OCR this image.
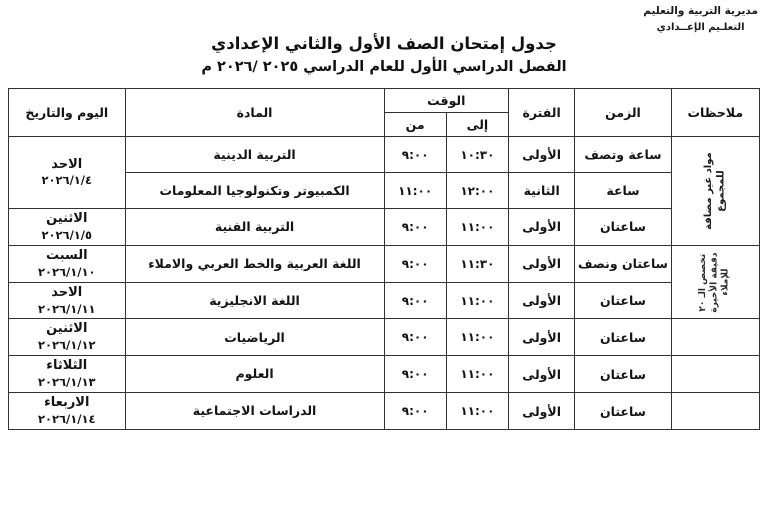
مديرية التربية والتعليم
التعلـيم الإعــدادي
جدول إمتحان الصف الأول والثاني الإعدادي
الفصل الدراسي الأول للعام الدراسي ٢٠٢٥ /٢٠٢٦ م
ملاحظات	الزمن	الفترة	الوقت		المادة	اليوم والتاريخ
			إلى	من		

مواد غير مضافة للمجموع	ساعة وتصف	الأولى	١٠:٣٠	٩:٠٠	التربية الدينية	الاحد
٢٠٢٦/١/٤

	ساعة	الثانية	١٢:٠٠	١١:٠٠	الكمبيوتر وتكنولوجيا المعلومات	
	ساعتان	الأولى	١١:٠٠	٩:٠٠	التربية الفنية	الاثنين
٢٠٢٦/١/٥

تخصص الـ ٢٠ دقيقة الأخيرة للإملاء	ساعتان ونصف	الأولى	١١:٣٠	٩:٠٠	اللغة العربية والخط العربي والاملاء	السبت
٢٠٢٦/١/١٠

	ساعتان	الأولى	١١:٠٠	٩:٠٠	اللغة الانجليزية	الاحد
٢٠٢٦/١/١١

	ساعتان	الأولى	١١:٠٠	٩:٠٠	الرياضيات	الاثنين
٢٠٢٦/١/١٢

	ساعتان	الأولى	١١:٠٠	٩:٠٠	العلوم	الثلاثاء
٢٠٢٦/١/١٣

	ساعتان	الأولى	١١:٠٠	٩:٠٠	الدراسات الاجتماعية	الاربعاء
٢٠٢٦/١/١٤
